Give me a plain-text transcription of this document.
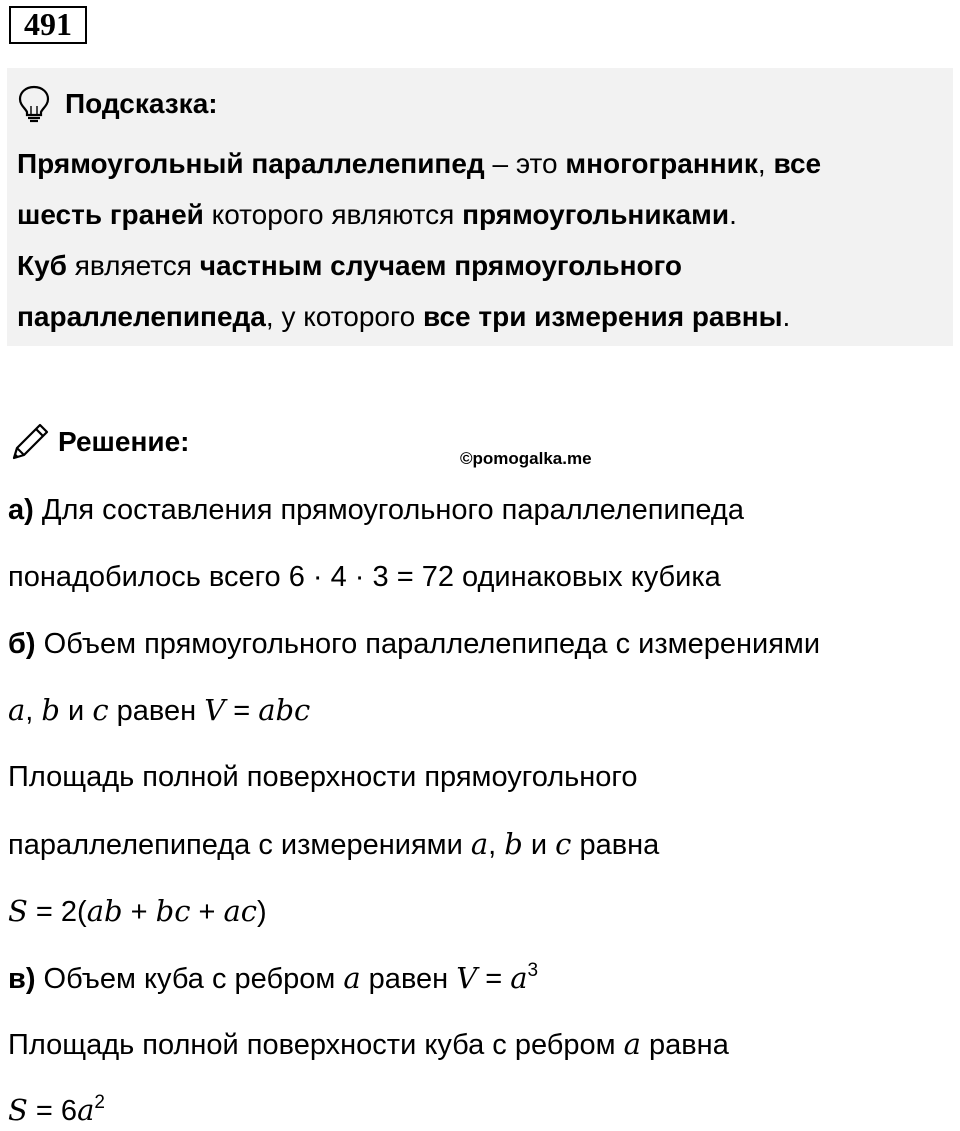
491
Подсказка:

Прямоугольный параллелепипед – это многогранник, все

шесть граней которого являются прямоугольниками.

Куб является частным случаем прямоугольного

параллелепипеда, у которого все три измерения равны.

Решение:
©pomogalka.me
а) Для составления прямоугольного параллелепипеда
понадобилось всего 6 · 4 · 3 = 72 одинаковых кубика
б) Объем прямоугольного параллелепипеда с измерениями
a, b и c равен V = abc
Площадь полной поверхности прямоугольного
параллелепипеда с измерениями a, b и c равна
S = 2(ab + bc + ac)
в) Объем куба с ребром a равен $V = a^3$
Площадь полной поверхности куба с ребром a равна
$S = 6a^2$
